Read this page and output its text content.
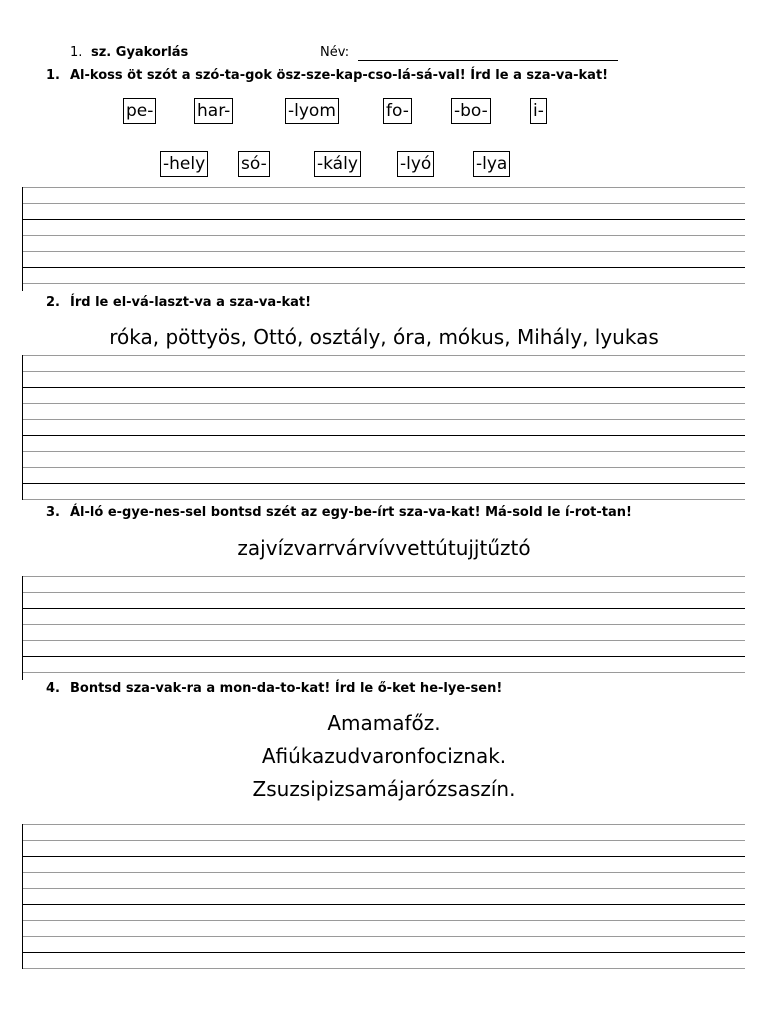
1. sz. Gyakorlás	Név:
1. Al-koss öt szót a szó-ta-gok ösz-sze-kap-cso-lá-sá-val! Írd le a sza-va-kat!
pe-	har-	-lyom	fo-	-bo-	i-
-hely só-	-kály -lyó	-lya
2. Írd le el-vá-laszt-va a sza-va-kat!
róka, pöttyös, Ottó, osztály, óra, mókus, Mihály, lyukas
3. Ál-ló e-gye-nes-sel bontsd szét az egy-be-írt sza-va-kat! Má-sold le í-rot-tan!
zajvízvarrvárvívvettútujjtűztó
4. Bontsd sza-vak-ra a mon-da-to-kat! Írd le ő-ket he-lye-sen!
Amamafőz.
Afiúkazudvaronfociznak.
Zsuzsipizsamájarózsaszín.
